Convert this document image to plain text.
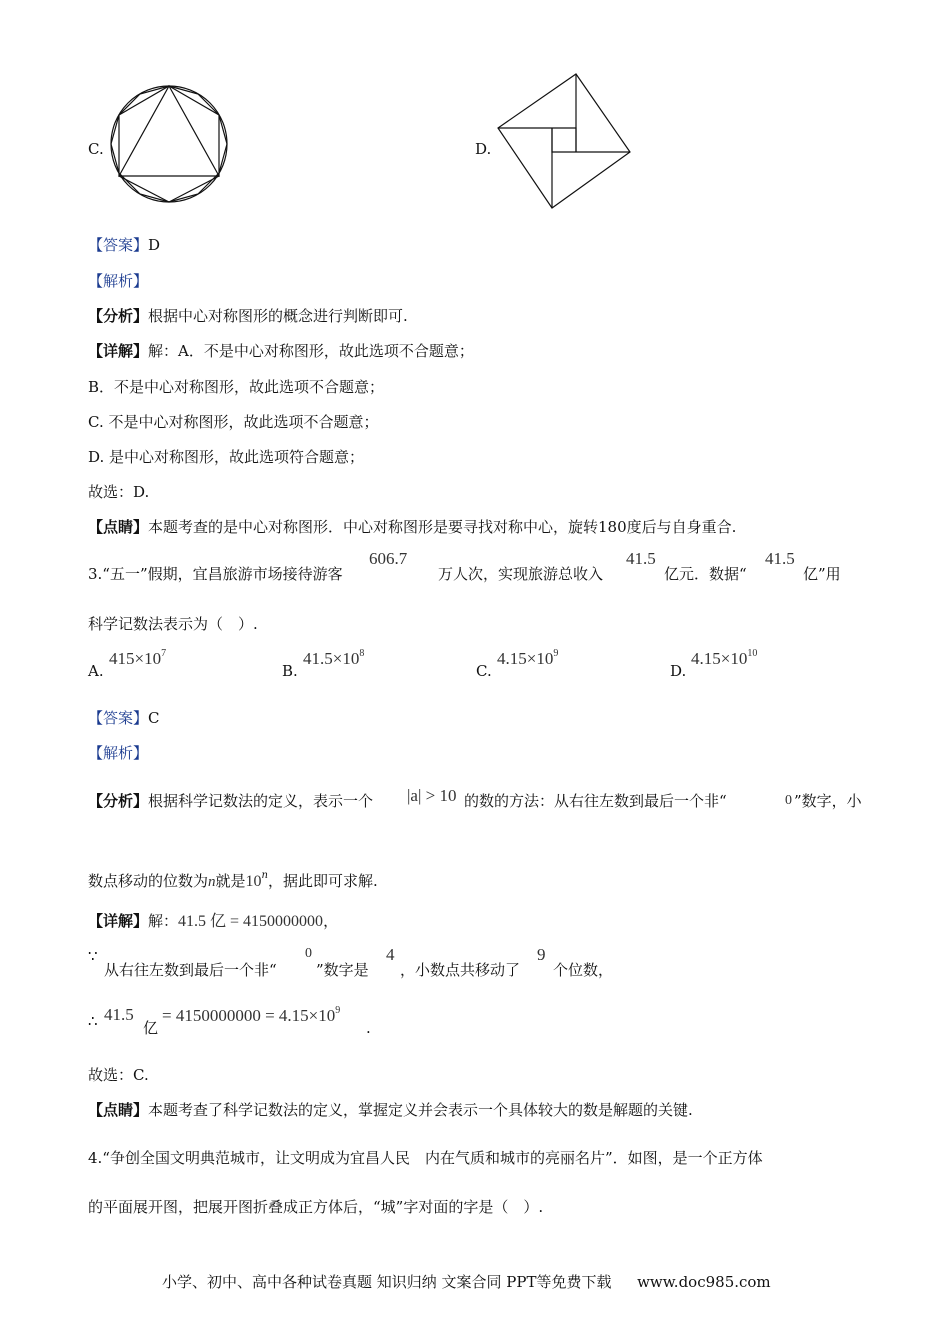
C.	D.
【答案】D
【解析】
【分析】根据中心对称图形的概念进行判断即可.
【详解】解：A．不是中心对称图形，故此选项不合题意；
B．不是中心对称图形，故此选项不合题意；
C. 不是中心对称图形，故此选项不合题意；
D. 是中心对称图形，故此选项符合题意；
故选：D.
【点睛】本题考查的是中心对称图形．中心对称图形是要寻找对称中心，旋转180度后与自身重合.
3.“五一”假期，宜昌旅游市场接待游客
606.7
万人次，实现旅游总收入
41.5
亿元．数据“
41.5
亿”用
科学记数法表示为（　）.
A.
$415\times 10^7$
B.
$41.5\times 10^8$
C.
$4.15\times 10^9$
D.
$4.15\times 10^{10}$
【答案】C
【解析】
【分析】根据科学记数法的定义，表示一个 |a| > 10 的数的方法：从右往左数到最后一个非“	0 ”数字，小
数点移动的位数为n就是10$^n$，据此即可求解.
【详解】解：41.5 亿 = 4150000000，
∵
从右往左数到最后一个非“
0
”数字是
4
，小数点共移动了
9
个位数，
∴ 41.5
亿
= $4150000000 = 4.15\times 10^9$
.
故选：C.
【点睛】本题考查了科学记数法的定义，掌握定义并会表示一个具体较大的数是解题的关键.
4.“争创全国文明典范城市，让文明成为宜昌人民　内在气质和城市的亮丽名片”．如图，是一个正方体
的平面展开图，把展开图折叠成正方体后，“城”字对面的字是（　）.
小学、初中、高中各种试卷真题 知识归纳 文案合同 PPT等免费下载 www.doc985.com
